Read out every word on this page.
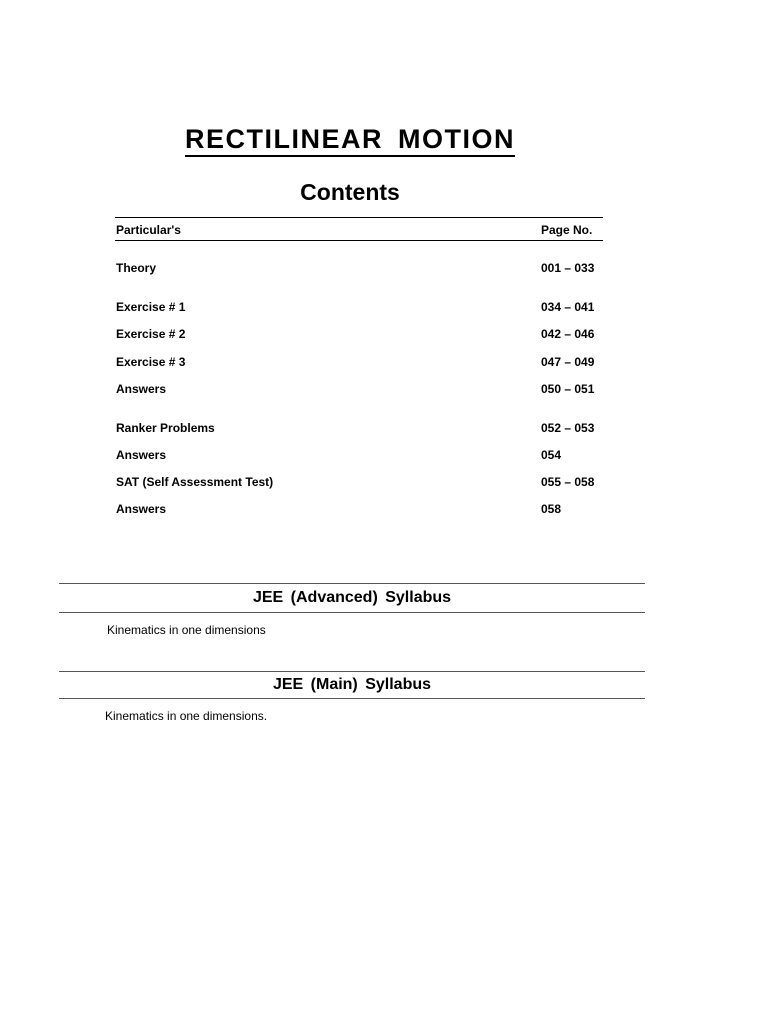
RECTILINEAR MOTION
Contents
Particular's	Page No.
Theory	001 – 033
Exercise # 1	034 – 041
Exercise # 2	042 – 046
Exercise # 3	047 – 049
Answers	050 – 051
Ranker Problems	052 – 053
Answers	054
SAT (Self Assessment Test)	055 – 058
Answers	058
JEE (Advanced) Syllabus
Kinematics in one dimensions
JEE (Main) Syllabus
Kinematics in one dimensions.
